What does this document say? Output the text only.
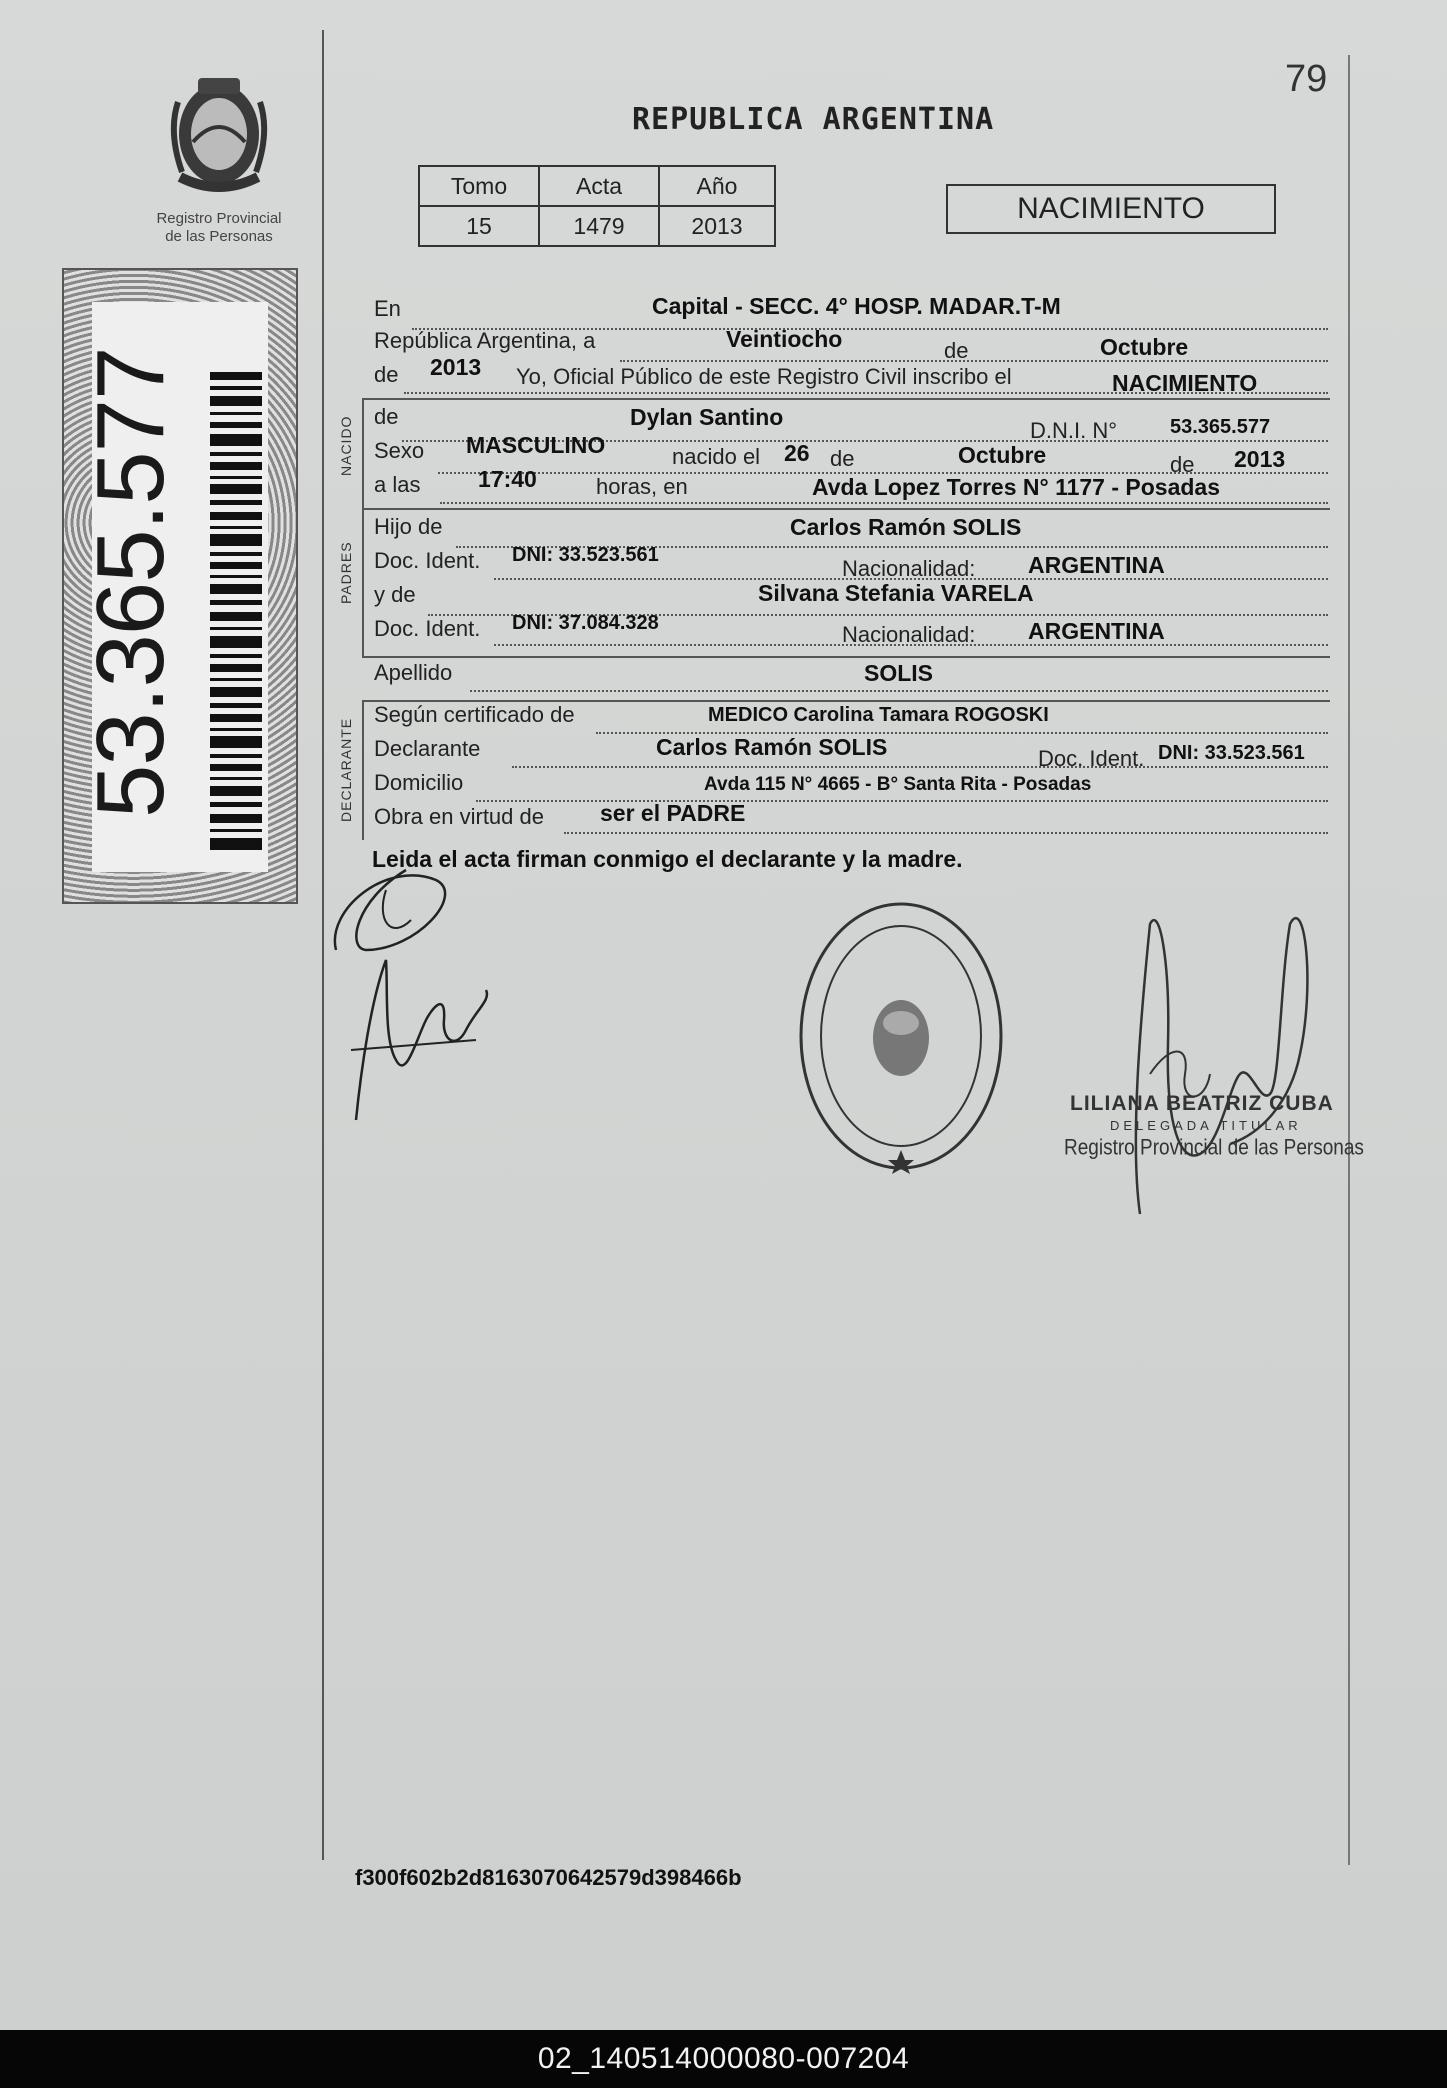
79
REPUBLICA ARGENTINA
Registro Provincial
de las Personas
53.365.577
Tomo	Acta	Año
15	1479	2013
NACIMIENTO
En	Capital - SECC. 4° HOSP. MADAR.T-M
República Argentina, a	Veintiocho	de	Octubre
de 2013 Yo, Oficial Público de este Registro Civil inscribo el	NACIMIENTO
NACIDO de	Dylan Santino
D.N.I. N°	53.365.577
Sexo MASCULINO	nacido el 26 de	Octubre	de 2013
a las	17:40	horas, en	Avda Lopez Torres N° 1177 - Posadas
PADRES
Hijo de	Carlos Ramón SOLIS
Doc. Ident. DNI: 33.523.561
Nacionalidad: ARGENTINA
y de	Silvana Stefania VARELA
Doc. Ident. DNI: 37.084.328	Nacionalidad: ARGENTINA
Apellido	SOLIS
DECLARANTE
Según certificado de	MEDICO Carolina Tamara ROGOSKI
Declarante	Carlos Ramón SOLIS	Doc. Ident. DNI: 33.523.561
Domicilio	Avda 115 N° 4665 - B° Santa Rita - Posadas
Obra en virtud de ser el PADRE
Leida el acta firman conmigo el declarante y la madre.
LILIANA BEATRIZ CUBA
DELEGADA TITULAR
Registro Provincial de las Personas
f300f602b2d8163070642579d398466b
02_140514000080-007204
